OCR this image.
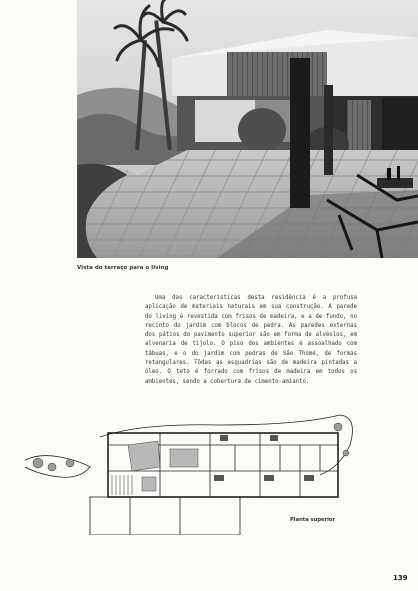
Vista do terraço para o living

Uma das características desta residência é a profusa aplicação de materiais naturais em sua construção. A parede do living é revestida com frisos de madeira, e a de fundo, no recinto do jardim com blocos de pedra. As paredes externas dos pátios do pavimento superior são em forma de alvéolos, em alvenaria de tijolo. O piso dos ambientes é assoalhado com tábuas, e o do jardim com pedras de São Thomé, de formas retangulares. Tôdas as esquadrias são de madeira pintadas a óleo. O teto é forrado com frisos de madeira em todos os ambientes, sendo a cobertura de cimento-amianto.

Planta superior
139
